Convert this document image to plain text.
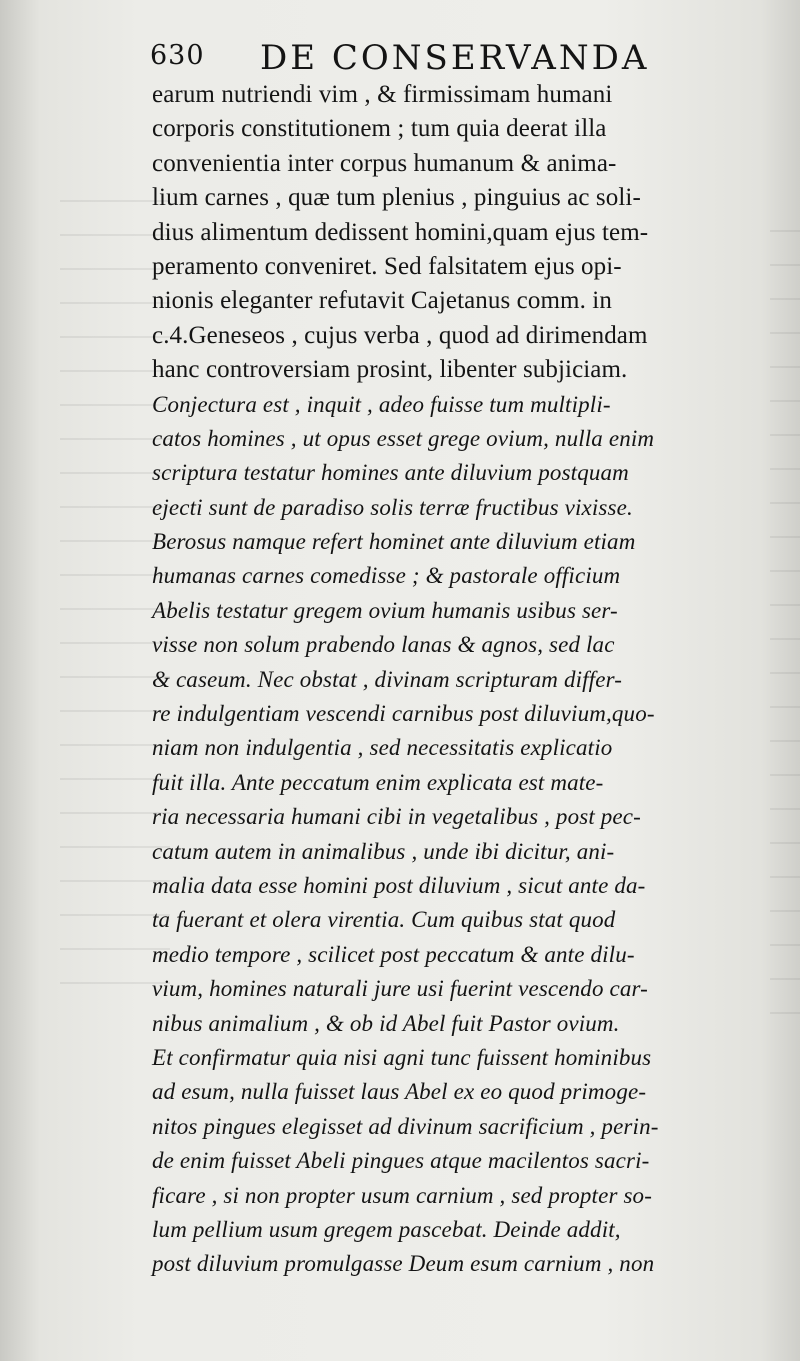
630 DE CONSERVANDA
earum nutriendi vim , & firmissimam humani
corporis constitutionem ; tum quia deerat illa
convenientia inter corpus humanum & anima-
lium carnes , quæ tum plenius , pinguius ac soli-
dius alimentum dedissent homini,quam ejus tem-
peramento conveniret. Sed falsitatem ejus opi-
nionis eleganter refutavit Cajetanus comm. in
c.4.Geneseos , cujus verba , quod ad dirimendam
hanc controversiam prosint, libenter subjiciam.
Conjectura est , inquit , adeo fuisse tum multipli-
catos homines , ut opus esset grege ovium, nulla enim
scriptura testatur homines ante diluvium postquam
ejecti sunt de paradiso solis terræ fructibus vixisse.
Berosus namque refert hominet ante diluvium etiam
humanas carnes comedisse ; & pastorale officium
Abelis testatur gregem ovium humanis usibus ser-
visse non solum prabendo lanas & agnos, sed lac
& caseum. Nec obstat , divinam scripturam differ-
re indulgentiam vescendi carnibus post diluvium,quo-
niam non indulgentia , sed necessitatis explicatio
fuit illa. Ante peccatum enim explicata est mate-
ria necessaria humani cibi in vegetalibus , post pec-
catum autem in animalibus , unde ibi dicitur, ani-
malia data esse homini post diluvium , sicut ante da-
ta fuerant et olera virentia. Cum quibus stat quod
medio tempore , scilicet post peccatum & ante dilu-
vium, homines naturali jure usi fuerint vescendo car-
nibus animalium , & ob id Abel fuit Pastor ovium.
Et confirmatur quia nisi agni tunc fuissent hominibus
ad esum, nulla fuisset laus Abel ex eo quod primoge-
nitos pingues elegisset ad divinum sacrificium , perin-
de enim fuisset Abeli pingues atque macilentos sacri-
ficare , si non propter usum carnium , sed propter so-
lum pellium usum gregem pascebat. Deinde addit,
post diluvium promulgasse Deum esum carnium , non
